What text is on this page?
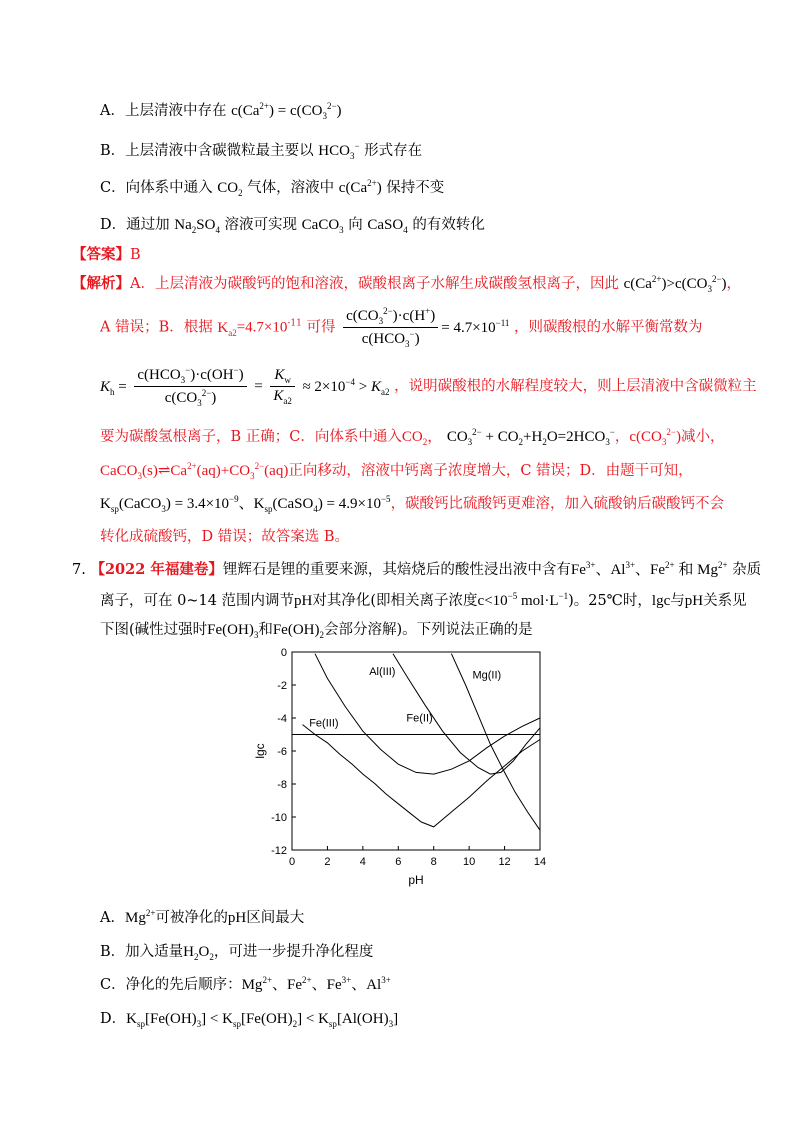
A．上层清液中存在 $c(Ca^{2+}) = c(CO_3^{2-})$
B．上层清液中含碳微粒最主要以 $HCO_3^-$ 形式存在
C．向体系中通入 $CO_2$ 气体，溶液中 $c(Ca^{2+})$ 保持不变
D．通过加 $Na_2SO_4$ 溶液可实现 CaCO$_3$ 向 CaSO$_4$ 的有效转化
【答案】B
【解析】A．上层清液为碳酸钙的饱和溶液，碳酸根离子水解生成碳酸氢根离子，因此 $c(Ca^{2+})>c(CO_3^{2-})$，
A 错误；B．根据 $K_{a2}=4.7\times 10^{-11}$ 可得 $\frac{c(CO_3^{2-})\cdot c(H^+)}{c(HCO_3^-)} = 4.7\times 10^{-11}$ ，则碳酸根的水解平衡常数为
$K_h = \frac{c(HCO_3^-)\cdot c(OH^-)}{c(CO_3^{2-})} = \frac{K_w}{K_{a2}} \approx 2\times 10^{-4} > K_{a2}$ ，说明碳酸根的水解程度较大，则上层清液中含碳微粒主
要为碳酸氢根离子，B 正确；C．向体系中通入$CO_2$， $CO_3^{2-} + CO_2+H_2O=2HCO_3^-$，$c(CO_3^{2-})$减小，
$CaCO_3(s)\rightleftharpoons Ca^{2+}(aq)+CO_3^{2-}(aq)$正向移动，溶液中钙离子浓度增大，C 错误；D．由题干可知，
$K_{sp}(CaCO_3) = 3.4\times 10^{-9}$、$K_{sp}(CaSO_4) = 4.9\times 10^{-5}$，碳酸钙比硫酸钙更难溶，加入硫酸钠后碳酸钙不会
转化成硫酸钙，D 错误；故答案选 B。
7. 【2022 年福建卷】锂辉石是锂的重要来源，其焙烧后的酸性浸出液中含有$Fe^{3+}$、$Al^{3+}$、$Fe^{2+}$ 和 $Mg^{2+}$ 杂质
离子，可在 0~14 范围内调节pH对其净化(即相关离子浓度$c<10^{-5}$ $mol\cdot L^{-1}$)。25℃时，lgc与pH关系见
下图(碱性过强时$Fe(OH)_3$和$Fe(OH)_2$会部分溶解)。下列说法正确的是
0	2	4	6	8 10 12 14
0
-2
-4
-6
-8
-10
-12
pH
lgc
Al(III)	Mg(II)
Fe(III)	Fe(II)
A．$Mg^{2+}$可被净化的pH区间最大
B．加入适量$H_2O_2$，可进一步提升净化程度
C．净化的先后顺序：$Mg^{2+}$、$Fe^{2+}$、$Fe^{3+}$、$Al^{3+}$
D．$K_{sp}[Fe(OH)_3] < K_{sp}[Fe(OH)_2] < K_{sp}[Al(OH)_3]$
